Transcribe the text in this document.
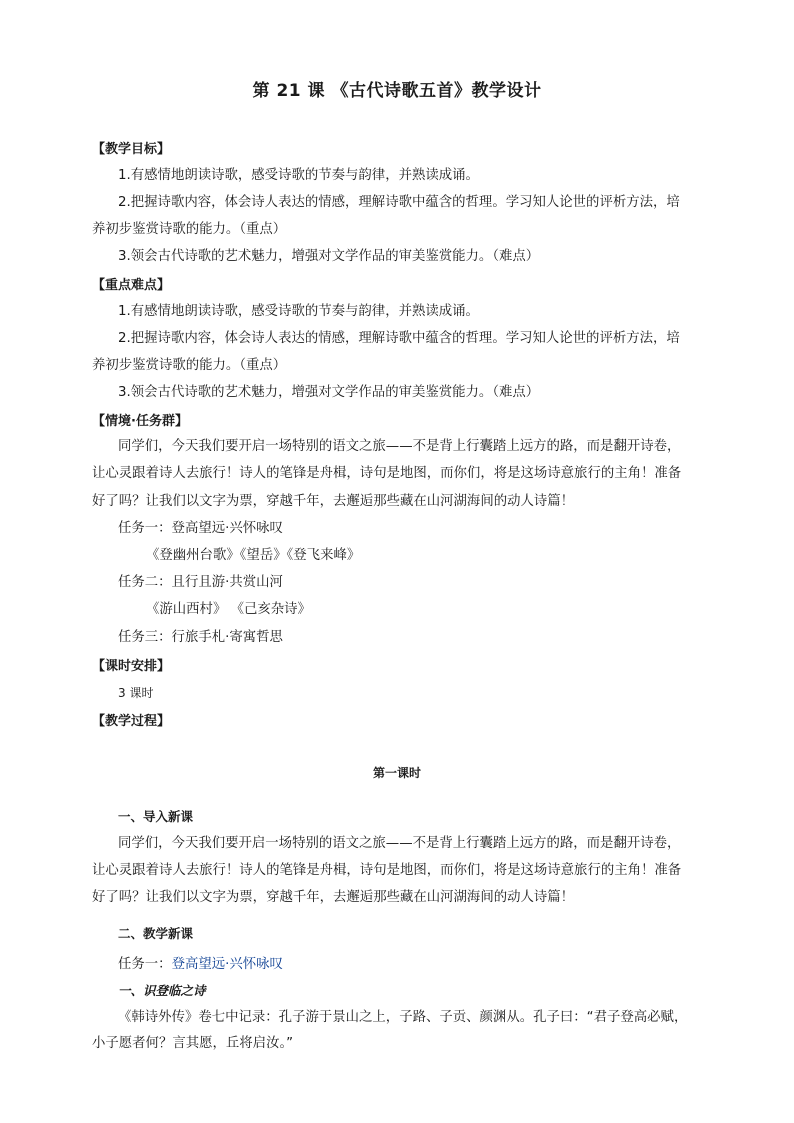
第 21 课 《古代诗歌五首》教学设计
【教学目标】
1.有感情地朗读诗歌，感受诗歌的节奏与韵律，并熟读成诵。
2.把握诗歌内容，体会诗人表达的情感，理解诗歌中蕴含的哲理。学习知人论世的评析方法，培
养初步鉴赏诗歌的能力。（重点）
3.领会古代诗歌的艺术魅力，增强对文学作品的审美鉴赏能力。（难点）
【重点难点】
1.有感情地朗读诗歌，感受诗歌的节奏与韵律，并熟读成诵。
2.把握诗歌内容，体会诗人表达的情感，理解诗歌中蕴含的哲理。学习知人论世的评析方法，培
养初步鉴赏诗歌的能力。（重点）
3.领会古代诗歌的艺术魅力，增强对文学作品的审美鉴赏能力。（难点）
【情境·任务群】
同学们，今天我们要开启一场特别的语文之旅——不是背上行囊踏上远方的路，而是翻开诗卷，
让心灵跟着诗人去旅行！诗人的笔锋是舟楫，诗句是地图，而你们，将是这场诗意旅行的主角！准备
好了吗？让我们以文字为票，穿越千年，去邂逅那些藏在山河湖海间的动人诗篇！
任务一：登高望远·兴怀咏叹
《登幽州台歌》《望岳》《登飞来峰》
任务二：且行且游·共赏山河
《游山西村》 《己亥杂诗》
任务三：行旅手札·寄寓哲思
【课时安排】
3 课时
【教学过程】
第一课时
一、导入新课
同学们，今天我们要开启一场特别的语文之旅——不是背上行囊踏上远方的路，而是翻开诗卷，
让心灵跟着诗人去旅行！诗人的笔锋是舟楫，诗句是地图，而你们，将是这场诗意旅行的主角！准备
好了吗？让我们以文字为票，穿越千年，去邂逅那些藏在山河湖海间的动人诗篇！
二、教学新课
任务一：登高望远·兴怀咏叹
一、识登临之诗
《韩诗外传》卷七中记录：孔子游于景山之上，子路、子贡、颜渊从。孔子曰：“君子登高必赋，
小子愿者何？言其愿，丘将启汝。”
